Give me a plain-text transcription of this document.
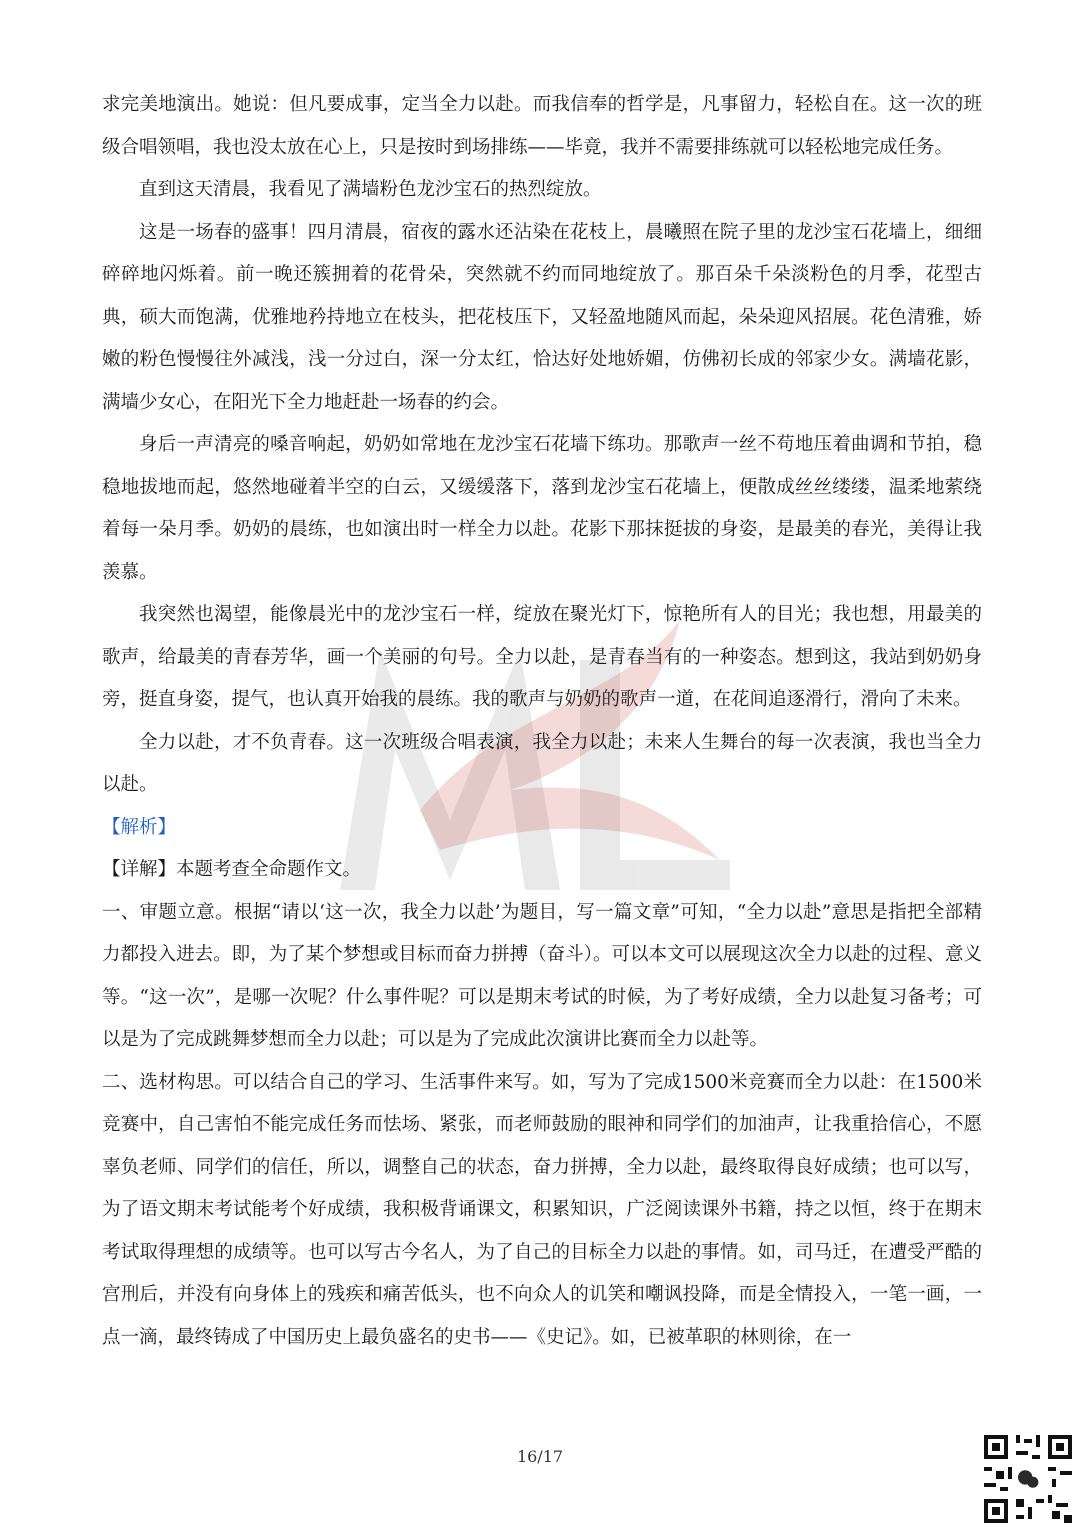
求完美地演出。她说：但凡要成事，定当全力以赴。而我信奉的哲学是，凡事留力，轻松自在。这一次的班级合唱领唱，我也没太放在心上，只是按时到场排练——毕竟，我并不需要排练就可以轻松地完成任务。

直到这天清晨，我看见了满墙粉色龙沙宝石的热烈绽放。

这是一场春的盛事！四月清晨，宿夜的露水还沾染在花枝上，晨曦照在院子里的龙沙宝石花墙上，细细碎碎地闪烁着。前一晚还簇拥着的花骨朵，突然就不约而同地绽放了。那百朵千朵淡粉色的月季，花型古典，硕大而饱满，优雅地矜持地立在枝头，把花枝压下，又轻盈地随风而起，朵朵迎风招展。花色清雅，娇嫩的粉色慢慢往外减浅，浅一分过白，深一分太红，恰达好处地娇媚，仿佛初长成的邻家少女。满墙花影，满墙少女心，在阳光下全力地赶赴一场春的约会。

身后一声清亮的嗓音响起，奶奶如常地在龙沙宝石花墙下练功。那歌声一丝不苟地压着曲调和节拍，稳稳地拔地而起，悠然地碰着半空的白云，又缓缓落下，落到龙沙宝石花墙上，便散成丝丝缕缕，温柔地萦绕着每一朵月季。奶奶的晨练，也如演出时一样全力以赴。花影下那抹挺拔的身姿，是最美的春光，美得让我羡慕。

我突然也渴望，能像晨光中的龙沙宝石一样，绽放在聚光灯下，惊艳所有人的目光；我也想，用最美的歌声，给最美的青春芳华，画一个美丽的句号。全力以赴，是青春当有的一种姿态。想到这，我站到奶奶身旁，挺直身姿，提气，也认真开始我的晨练。我的歌声与奶奶的歌声一道，在花间追逐滑行，滑向了未来。

全力以赴，才不负青春。这一次班级合唱表演，我全力以赴；未来人生舞台的每一次表演，我也当全力以赴。

【解析】

【详解】本题考查全命题作文。

一、审题立意。根据“请以‘这一次，我全力以赴’为题目，写一篇文章”可知，“全力以赴”意思是指把全部精力都投入进去。即，为了某个梦想或目标而奋力拼搏（奋斗）。可以本文可以展现这次全力以赴的过程、意义等。“这一次”，是哪一次呢？什么事件呢？可以是期末考试的时候，为了考好成绩，全力以赴复习备考；可以是为了完成跳舞梦想而全力以赴；可以是为了完成此次演讲比赛而全力以赴等。

二、选材构思。可以结合自己的学习、生活事件来写。如，写为了完成1500米竞赛而全力以赴：在1500米竞赛中，自己害怕不能完成任务而怯场、紧张，而老师鼓励的眼神和同学们的加油声，让我重拾信心，不愿辜负老师、同学们的信任，所以，调整自己的状态，奋力拼搏，全力以赴，最终取得良好成绩；也可以写，为了语文期末考试能考个好成绩，我积极背诵课文，积累知识，广泛阅读课外书籍，持之以恒，终于在期末考试取得理想的成绩等。也可以写古今名人，为了自己的目标全力以赴的事情。如，司马迁，在遭受严酷的宫刑后，并没有向身体上的残疾和痛苦低头，也不向众人的讥笑和嘲讽投降，而是全情投入，一笔一画，一点一滴，最终铸成了中国历史上最负盛名的史书——《史记》。如，已被革职的林则徐，在一

16/17
